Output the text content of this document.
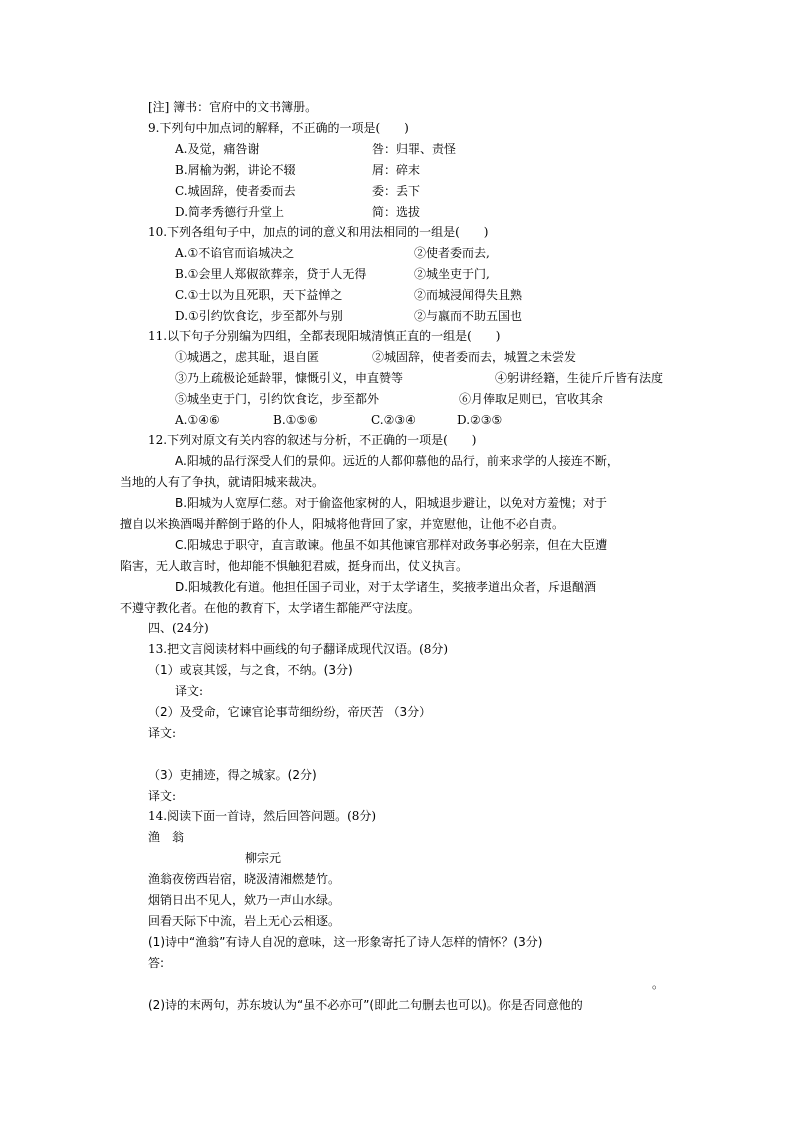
[注] 簿书：官府中的文书簿册。
9.下列句中加点词的解释，不正确的一项是(　　)
A.及觉，痛咎谢	咎：归罪、责怪
B.屑榆为粥，讲论不辍	屑：碎末
C.城固辞，使者委而去	委：丢下
D.简孝秀德行升堂上	简：选拔
10.下列各组句子中，加点的词的意义和用法相同的一组是(　　)
A.①不谄官而谄城决之	②使者委而去,
B.①会里人郑俶欲葬亲，贷于人无得	②城坐吏于门,
C.①士以为且死职，天下益惮之	②而城浸闻得失且熟
D.①引约饮食讫，步至都外与别	②与嬴而不助五国也
11.以下句子分别编为四组，全都表现阳城清慎正直的一组是(　　)
①城遇之，虑其耻，退自匿	②城固辞，使者委而去，城置之未尝发
③乃上疏极论延龄罪，慷慨引义，申直赞等	④躬讲经籍，生徒斤斤皆有法度
⑤城坐吏于门，引约饮食讫，步至都外	⑥月俸取足则已，官收其余
A.①④⑥	B.①⑤⑥	C.②③④	D.②③⑤
12.下列对原文有关内容的叙述与分析，不正确的一项是(　　)
A.阳城的品行深受人们的景仰。远近的人都仰慕他的品行，前来求学的人接连不断，
当地的人有了争执，就请阳城来裁决。
B.阳城为人宽厚仁慈。对于偷盗他家树的人，阳城退步避让，以免对方羞愧；对于
擅自以米换酒喝并醉倒于路的仆人，阳城将他背回了家，并宽慰他，让他不必自责。
C.阳城忠于职守，直言敢谏。他虽不如其他谏官那样对政务事必躬亲，但在大臣遭
陷害，无人敢言时，他却能不惧触犯君威，挺身而出，仗义执言。
D.阳城教化有道。他担任国子司业，对于太学诸生，奖掖孝道出众者，斥退酗酒
不遵守教化者。在他的教育下，太学诸生都能严守法度。
四、(24分)
13.把文言阅读材料中画线的句子翻译成现代汉语。(8分)
（1）或哀其馁，与之食，不纳。(3分)
译文:
（2）及受命，它谏官论事苛细纷纷，帝厌苦 （3分）
译文:
（3）吏捕迹，得之城家。(2分)
译文:
14.阅读下面一首诗，然后回答问题。(8分)
渔　翁
柳宗元
渔翁夜傍西岩宿，晓汲清湘燃楚竹。
烟销日出不见人，欸乃一声山水绿。
回看天际下中流，岩上无心云相逐。
(1)诗中“渔翁”有诗人自况的意味，这一形象寄托了诗人怎样的情怀？(3分)
答:
。
(2)诗的末两句，苏东坡认为“虽不必亦可”(即此二句删去也可以)。你是否同意他的
